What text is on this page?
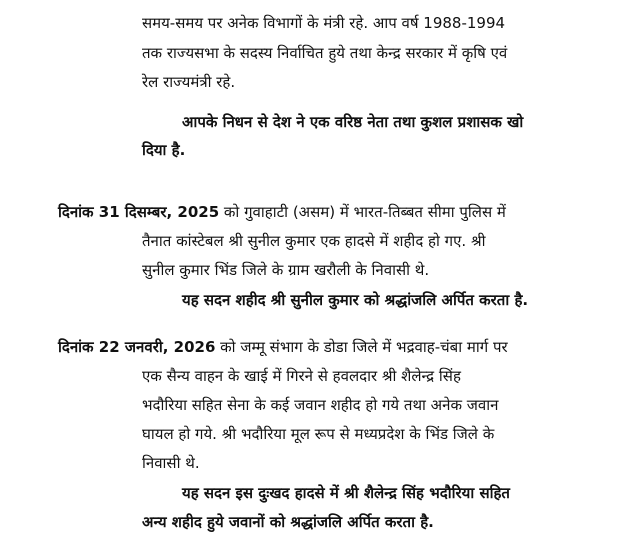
समय-समय पर अनेक विभागों के मंत्री रहे. आप वर्ष 1988-1994
तक राज्यसभा के सदस्य निर्वाचित हुये तथा केन्द्र सरकार में कृषि एवं
रेल राज्यमंत्री रहे.
आपके निधन से देश ने एक वरिष्ठ नेता तथा कुशल प्रशासक खो
दिया है.
दिनांक 31 दिसम्बर, 2025 को गुवाहाटी (असम) में भारत-तिब्बत सीमा पुलिस में
तैनात कांस्टेबल श्री सुनील कुमार एक हादसे में शहीद हो गए. श्री
सुनील कुमार भिंड जिले के ग्राम खरौली के निवासी थे.
यह सदन शहीद श्री सुनील कुमार को श्रद्धांजलि अर्पित करता है.
दिनांक 22 जनवरी, 2026 को जम्मू संभाग के डोडा जिले में भद्रवाह-चंबा मार्ग पर
एक सैन्य वाहन के खाई में गिरने से हवलदार श्री शैलेन्द्र सिंह
भदौरिया सहित सेना के कई जवान शहीद हो गये तथा अनेक जवान
घायल हो गये. श्री भदौरिया मूल रूप से मध्यप्रदेश के भिंड जिले के
निवासी थे.
यह सदन इस दुःखद हादसे में श्री शैलेन्द्र सिंह भदौरिया सहित
अन्य शहीद हुये जवानों को श्रद्धांजलि अर्पित करता है.
